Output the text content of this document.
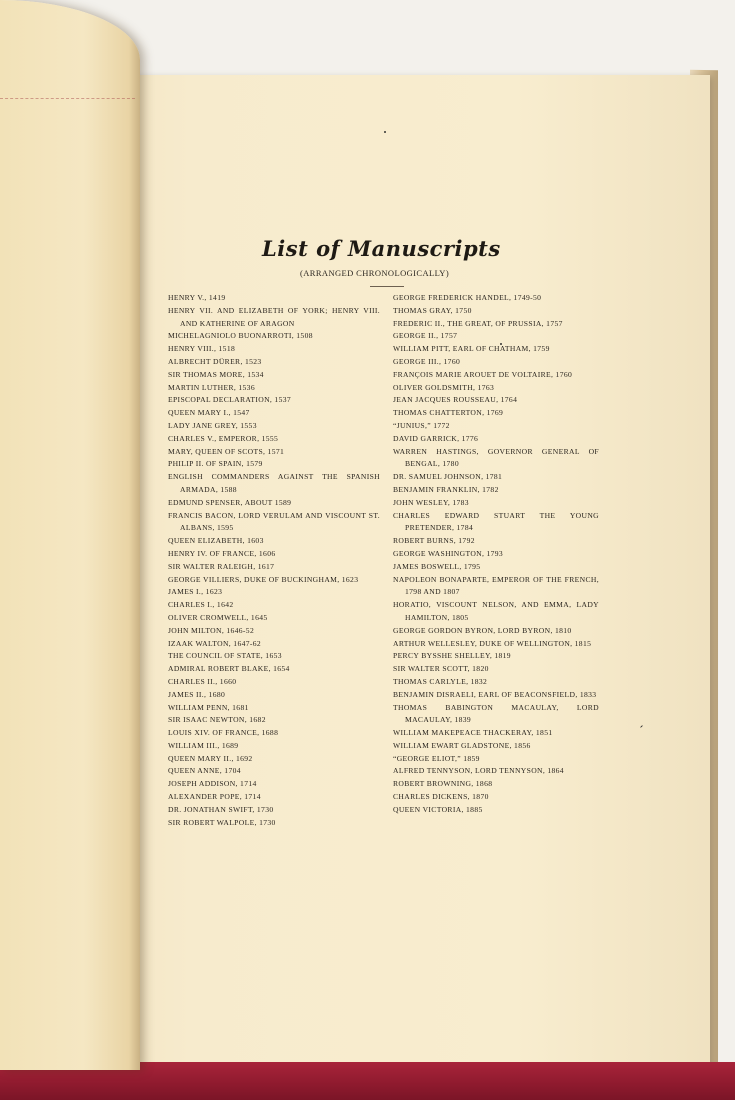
List of Manuscripts
(ARRANGED CHRONOLOGICALLY)
HENRY V., 1419
HENRY VII. AND ELIZABETH OF YORK; HENRY VIII. AND KATHERINE OF ARAGON
MICHELAGNIOLO BUONARROTI, 1508
HENRY VIII., 1518
ALBRECHT DÜRER, 1523
SIR THOMAS MORE, 1534
MARTIN LUTHER, 1536
EPISCOPAL DECLARATION, 1537
QUEEN MARY I., 1547
LADY JANE GREY, 1553
CHARLES V., EMPEROR, 1555
MARY, QUEEN OF SCOTS, 1571
PHILIP II. OF SPAIN, 1579
ENGLISH COMMANDERS AGAINST THE SPANISH ARMADA, 1588
EDMUND SPENSER, ABOUT 1589
FRANCIS BACON, LORD VERULAM AND VISCOUNT ST. ALBANS, 1595
QUEEN ELIZABETH, 1603
HENRY IV. OF FRANCE, 1606
SIR WALTER RALEIGH, 1617
GEORGE VILLIERS, DUKE OF BUCKINGHAM, 1623
JAMES I., 1623
CHARLES I., 1642
OLIVER CROMWELL, 1645
JOHN MILTON, 1646-52
IZAAK WALTON, 1647-62
THE COUNCIL OF STATE, 1653
ADMIRAL ROBERT BLAKE, 1654
CHARLES II., 1660
JAMES II., 1680
WILLIAM PENN, 1681
SIR ISAAC NEWTON, 1682
LOUIS XIV. OF FRANCE, 1688
WILLIAM III., 1689
QUEEN MARY II., 1692
QUEEN ANNE, 1704
JOSEPH ADDISON, 1714
ALEXANDER POPE, 1714
DR. JONATHAN SWIFT, 1730
SIR ROBERT WALPOLE, 1730
GEORGE FREDERICK HANDEL, 1749-50
THOMAS GRAY, 1750
FREDERIC II., THE GREAT, OF PRUSSIA, 1757
GEORGE II., 1757
WILLIAM PITT, EARL OF CHATHAM, 1759
GEORGE III., 1760
FRANÇOIS MARIE AROUET DE VOLTAIRE, 1760
OLIVER GOLDSMITH, 1763
JEAN JACQUES ROUSSEAU, 1764
THOMAS CHATTERTON, 1769
“JUNIUS,” 1772
DAVID GARRICK, 1776
WARREN HASTINGS, GOVERNOR GENERAL OF BENGAL, 1780
DR. SAMUEL JOHNSON, 1781
BENJAMIN FRANKLIN, 1782
JOHN WESLEY, 1783
CHARLES EDWARD STUART THE YOUNG PRETENDER, 1784
ROBERT BURNS, 1792
GEORGE WASHINGTON, 1793
JAMES BOSWELL, 1795
NAPOLEON BONAPARTE, EMPEROR OF THE FRENCH, 1798 AND 1807
HORATIO, VISCOUNT NELSON, AND EMMA, LADY HAMILTON, 1805
GEORGE GORDON BYRON, LORD BYRON, 1810
ARTHUR WELLESLEY, DUKE OF WELLINGTON, 1815
PERCY BYSSHE SHELLEY, 1819
SIR WALTER SCOTT, 1820
THOMAS CARLYLE, 1832
BENJAMIN DISRAELI, EARL OF BEACONSFIELD, 1833
THOMAS BABINGTON MACAULAY, LORD MACAULAY, 1839
WILLIAM MAKEPEACE THACKERAY, 1851
WILLIAM EWART GLADSTONE, 1856
“GEORGE ELIOT,” 1859
ALFRED TENNYSON, LORD TENNYSON, 1864
ROBERT BROWNING, 1868
CHARLES DICKENS, 1870
QUEEN VICTORIA, 1885
